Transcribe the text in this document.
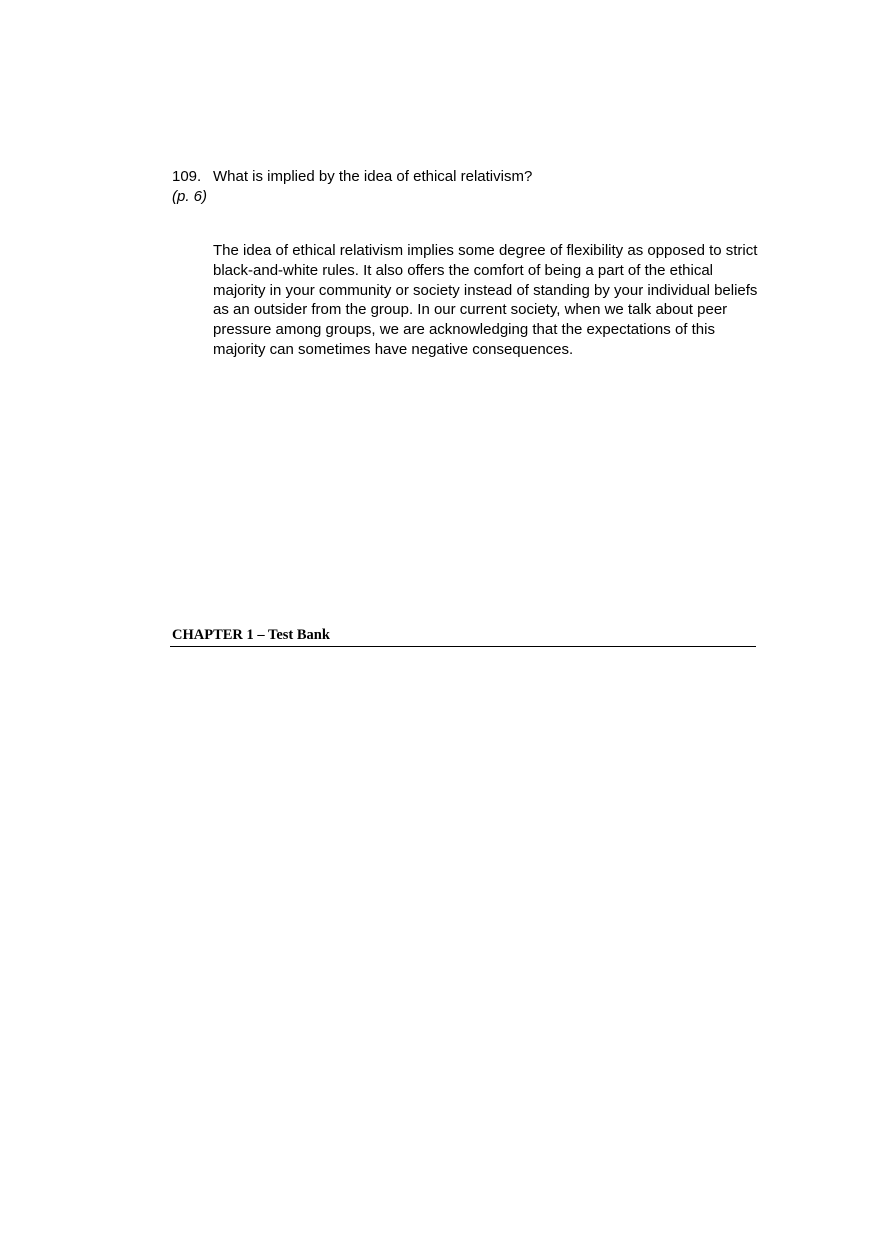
109. What is implied by the idea of ethical relativism?
(p. 6)
The idea of ethical relativism implies some degree of flexibility as opposed to strict black-and-white rules. It also offers the comfort of being a part of the ethical majority in your community or society instead of standing by your individual beliefs as an outsider from the group. In our current society, when we talk about peer pressure among groups, we are acknowledging that the expectations of this majority can sometimes have negative consequences.
CHAPTER 1 – Test Bank
